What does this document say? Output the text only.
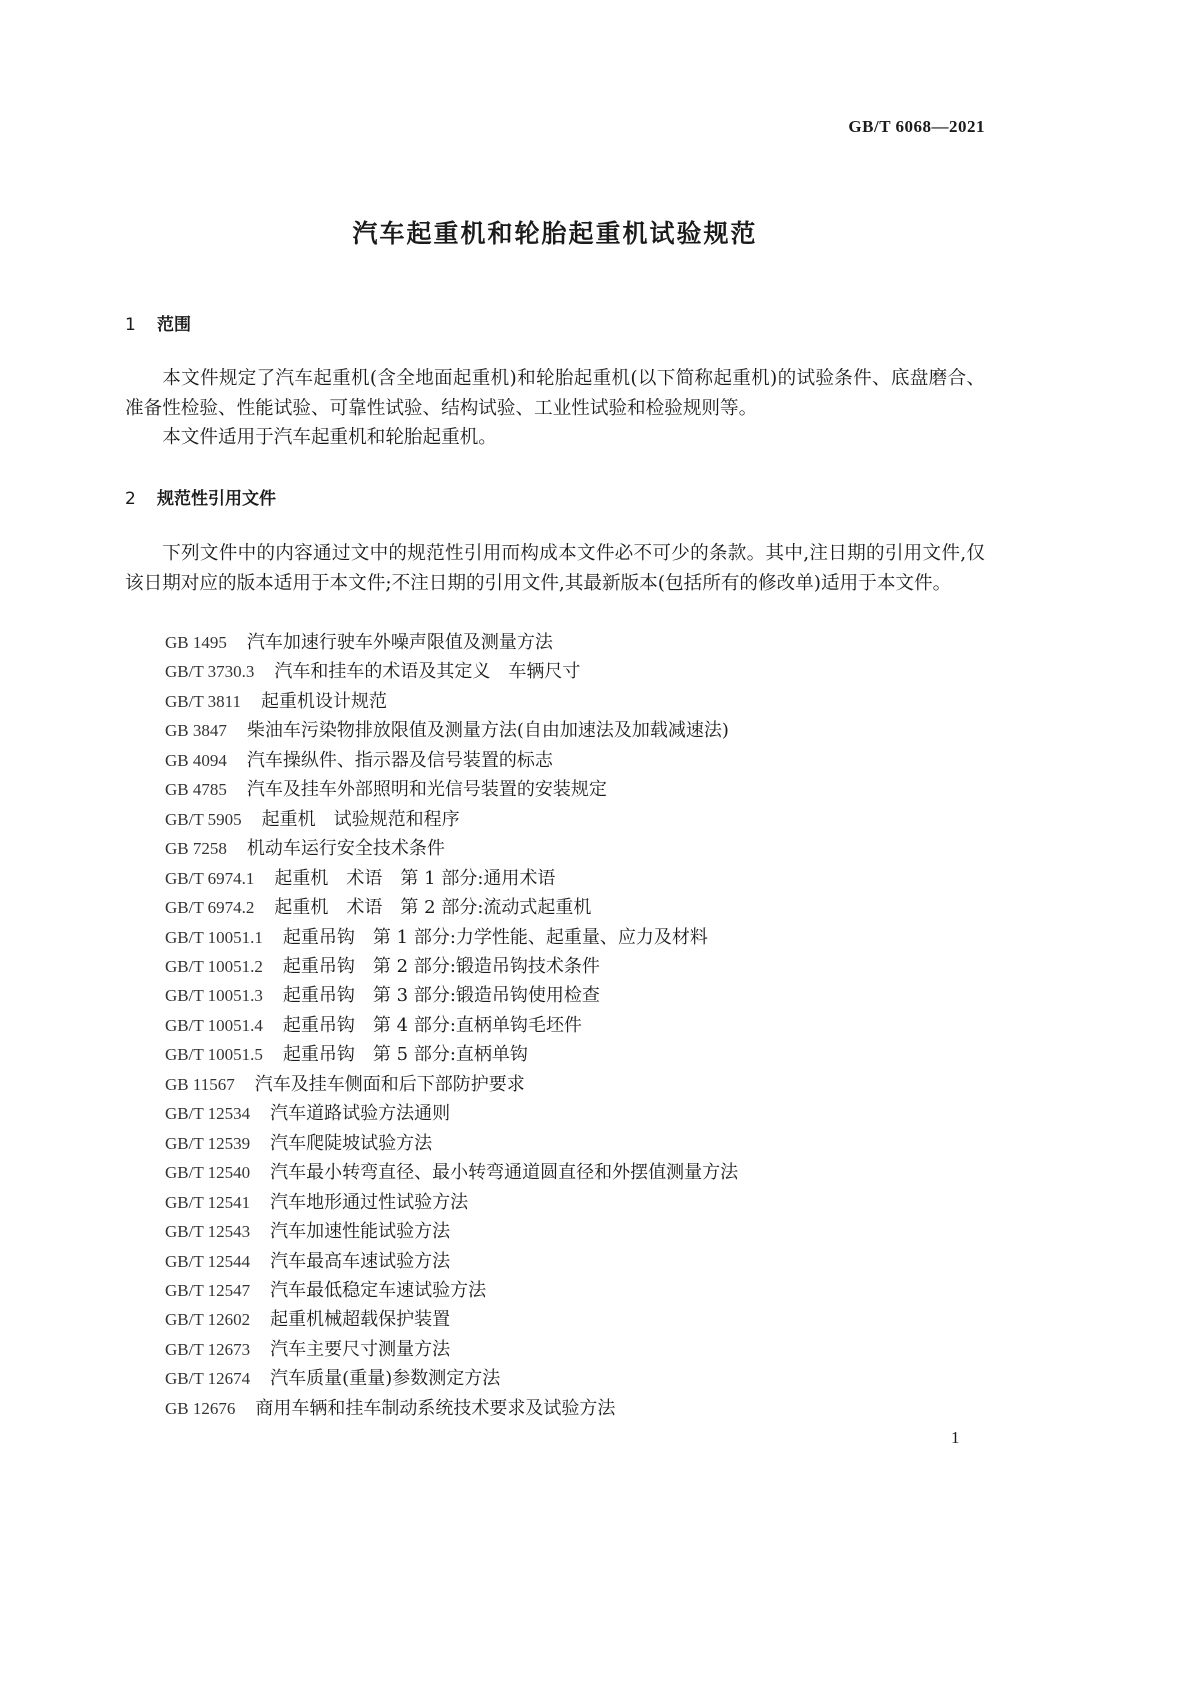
GB/T 6068—2021
汽车起重机和轮胎起重机试验规范
1 范围

本文件规定了汽车起重机(含全地面起重机)和轮胎起重机(以下简称起重机)的试验条件、底盘磨合、准备性检验、性能试验、可靠性试验、结构试验、工业性试验和检验规则等。

本文件适用于汽车起重机和轮胎起重机。

2 规范性引用文件

下列文件中的内容通过文中的规范性引用而构成本文件必不可少的条款。其中,注日期的引用文件,仅该日期对应的版本适用于本文件;不注日期的引用文件,其最新版本(包括所有的修改单)适用于本文件。

GB 1495 汽车加速行驶车外噪声限值及测量方法
GB/T 3730.3 汽车和挂车的术语及其定义　车辆尺寸
GB/T 3811 起重机设计规范
GB 3847 柴油车污染物排放限值及测量方法(自由加速法及加载减速法)
GB 4094 汽车操纵件、指示器及信号装置的标志
GB 4785 汽车及挂车外部照明和光信号装置的安装规定
GB/T 5905 起重机　试验规范和程序
GB 7258 机动车运行安全技术条件
GB/T 6974.1 起重机　术语　第 1 部分:通用术语
GB/T 6974.2 起重机　术语　第 2 部分:流动式起重机
GB/T 10051.1 起重吊钩　第 1 部分:力学性能、起重量、应力及材料
GB/T 10051.2 起重吊钩　第 2 部分:锻造吊钩技术条件
GB/T 10051.3 起重吊钩　第 3 部分:锻造吊钩使用检查
GB/T 10051.4 起重吊钩　第 4 部分:直柄单钩毛坯件
GB/T 10051.5 起重吊钩　第 5 部分:直柄单钩
GB 11567 汽车及挂车侧面和后下部防护要求
GB/T 12534 汽车道路试验方法通则
GB/T 12539 汽车爬陡坡试验方法
GB/T 12540 汽车最小转弯直径、最小转弯通道圆直径和外摆值测量方法
GB/T 12541 汽车地形通过性试验方法
GB/T 12543 汽车加速性能试验方法
GB/T 12544 汽车最高车速试验方法
GB/T 12547 汽车最低稳定车速试验方法
GB/T 12602 起重机械超载保护装置
GB/T 12673 汽车主要尺寸测量方法
GB/T 12674 汽车质量(重量)参数测定方法
GB 12676 商用车辆和挂车制动系统技术要求及试验方法
1
